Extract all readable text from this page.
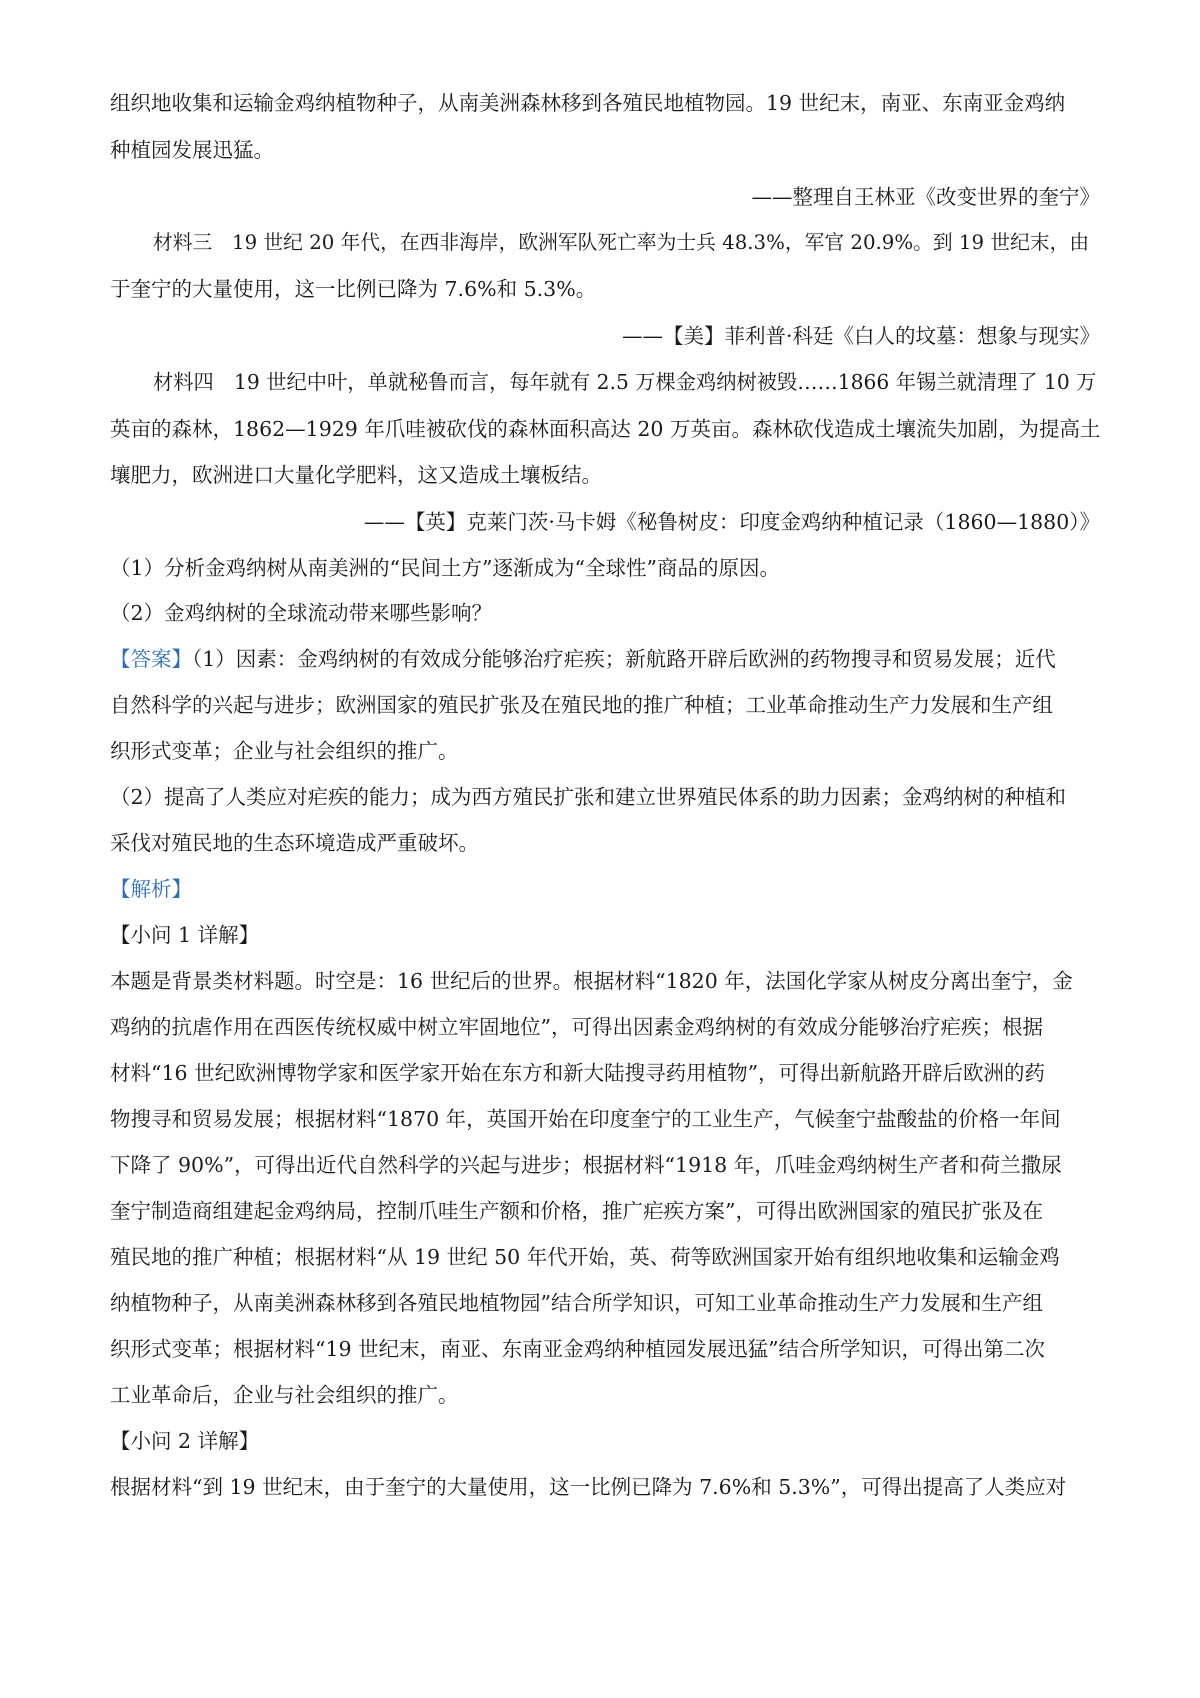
组织地收集和运输金鸡纳植物种子，从南美洲森林移到各殖民地植物园。19 世纪末，南亚、东南亚金鸡纳
种植园发展迅猛。
——整理自王林亚《改变世界的奎宁》
材料三　19 世纪 20 年代，在西非海岸，欧洲军队死亡率为士兵 48.3%，军官 20.9%。到 19 世纪末，由
于奎宁的大量使用，这一比例已降为 7.6%和 5.3%。
——【美】菲利普·科廷《白人的坟墓：想象与现实》
材料四　19 世纪中叶，单就秘鲁而言，每年就有 2.5 万棵金鸡纳树被毁……1866 年锡兰就清理了 10 万
英亩的森林，1862—1929 年爪哇被砍伐的森林面积高达 20 万英亩。森林砍伐造成土壤流失加剧，为提高土
壤肥力，欧洲进口大量化学肥料，这又造成土壤板结。
——【英】克莱门茨·马卡姆《秘鲁树皮：印度金鸡纳种植记录（1860—1880）》
（1）分析金鸡纳树从南美洲的“民间土方”逐渐成为“全球性”商品的原因。
（2）金鸡纳树的全球流动带来哪些影响？
【答案】（1）因素：金鸡纳树的有效成分能够治疗疟疾；新航路开辟后欧洲的药物搜寻和贸易发展；近代
自然科学的兴起与进步；欧洲国家的殖民扩张及在殖民地的推广种植；工业革命推动生产力发展和生产组
织形式变革；企业与社会组织的推广。
（2）提高了人类应对疟疾的能力；成为西方殖民扩张和建立世界殖民体系的助力因素；金鸡纳树的种植和
采伐对殖民地的生态环境造成严重破坏。
【解析】
【小问 1 详解】
本题是背景类材料题。时空是：16 世纪后的世界。根据材料“1820 年，法国化学家从树皮分离出奎宁，金
鸡纳的抗虐作用在西医传统权威中树立牢固地位”，可得出因素金鸡纳树的有效成分能够治疗疟疾；根据
材料“16 世纪欧洲博物学家和医学家开始在东方和新大陆搜寻药用植物”，可得出新航路开辟后欧洲的药
物搜寻和贸易发展；根据材料“1870 年，英国开始在印度奎宁的工业生产，气候奎宁盐酸盐的价格一年间
下降了 90%”，可得出近代自然科学的兴起与进步；根据材料“1918 年，爪哇金鸡纳树生产者和荷兰撒尿
奎宁制造商组建起金鸡纳局，控制爪哇生产额和价格，推广疟疾方案”，可得出欧洲国家的殖民扩张及在
殖民地的推广种植；根据材料“从 19 世纪 50 年代开始，英、荷等欧洲国家开始有组织地收集和运输金鸡
纳植物种子，从南美洲森林移到各殖民地植物园”结合所学知识，可知工业革命推动生产力发展和生产组
织形式变革；根据材料“19 世纪末，南亚、东南亚金鸡纳种植园发展迅猛”结合所学知识，可得出第二次
工业革命后，企业与社会组织的推广。
【小问 2 详解】
根据材料“到 19 世纪末，由于奎宁的大量使用，这一比例已降为 7.6%和 5.3%”，可得出提高了人类应对
